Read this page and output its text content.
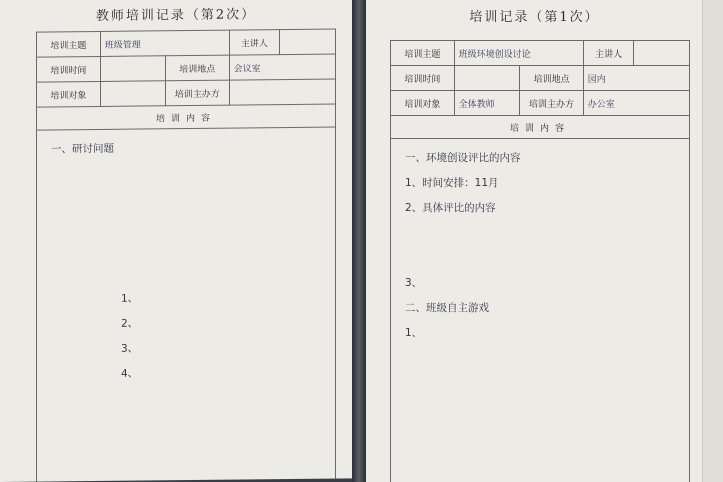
教师培训记录（第2次）
培训主题	班级管理		主讲人	
培训时间		培训地点	会议室	
培训对象		培训主办方		
培训内容				
一、研讨问题
1、
2、
3、
4、
培训记录（第1次）
培训主题	班级环境创设讨论		主讲人	
培训时间		培训地点	园内	
培训对象	全体教师	培训主办方	办公室	
培训内容				
一、环境创设评比的内容
1、时间安排：11月
2、具体评比的内容
3、
二、班级自主游戏
1、
